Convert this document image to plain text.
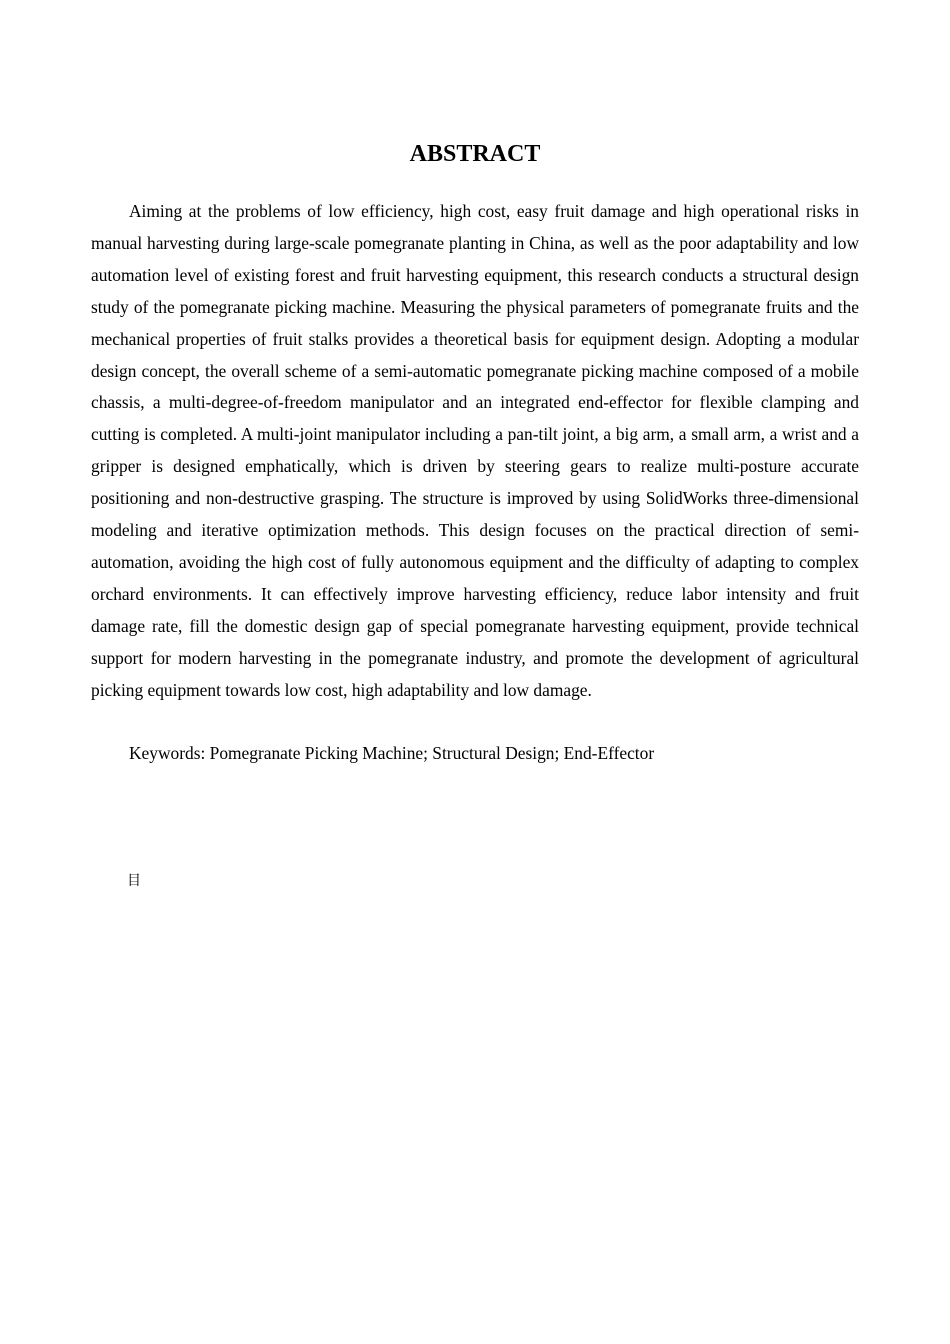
ABSTRACT

Aiming at the problems of low efficiency, high cost, easy fruit damage and high operational risks in manual harvesting during large-scale pomegranate planting in China, as well as the poor adaptability and low automation level of existing forest and fruit harvesting equipment, this research conducts a structural design study of the pomegranate picking machine. Measuring the physical parameters of pomegranate fruits and the mechanical properties of fruit stalks provides a theoretical basis for equipment design. Adopting a modular design concept, the overall scheme of a semi-automatic pomegranate picking machine composed of a mobile chassis, a multi-degree-of-freedom manipulator and an integrated end-effector for flexible clamping and cutting is completed. A multi-joint manipulator including a pan-tilt joint, a big arm, a small arm, a wrist and a gripper is designed emphatically, which is driven by steering gears to realize multi-posture accurate positioning and non-destructive grasping. The structure is improved by using SolidWorks three-dimensional modeling and iterative optimization methods. This design focuses on the practical direction of semi-automation, avoiding the high cost of fully autonomous equipment and the difficulty of adapting to complex orchard environments. It can effectively improve harvesting efficiency, reduce labor intensity and fruit damage rate, fill the domestic design gap of special pomegranate harvesting equipment, provide technical support for modern harvesting in the pomegranate industry, and promote the development of agricultural picking equipment towards low cost, high adaptability and low damage.

Keywords: Pomegranate Picking Machine; Structural Design; End-Effector

目
